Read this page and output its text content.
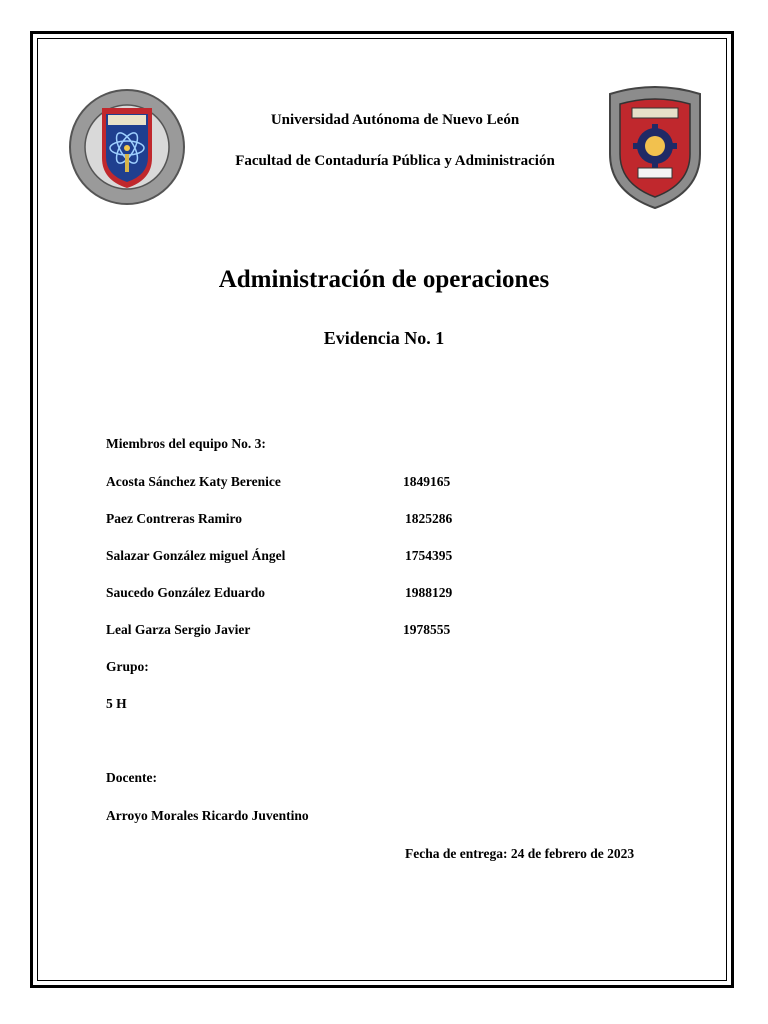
Universidad Autónoma de Nuevo León
Facultad de Contaduría Pública y Administración
Administración de operaciones
Evidencia No. 1
Miembros del equipo No. 3:
Acosta Sánchez Katy Berenice	1849165
Paez Contreras Ramiro	1825286
Salazar González miguel Ángel	1754395
Saucedo González Eduardo	1988129
Leal Garza Sergio Javier	1978555
Grupo:
5 H
Docente:
Arroyo Morales Ricardo Juventino
Fecha de entrega: 24 de febrero de 2023
